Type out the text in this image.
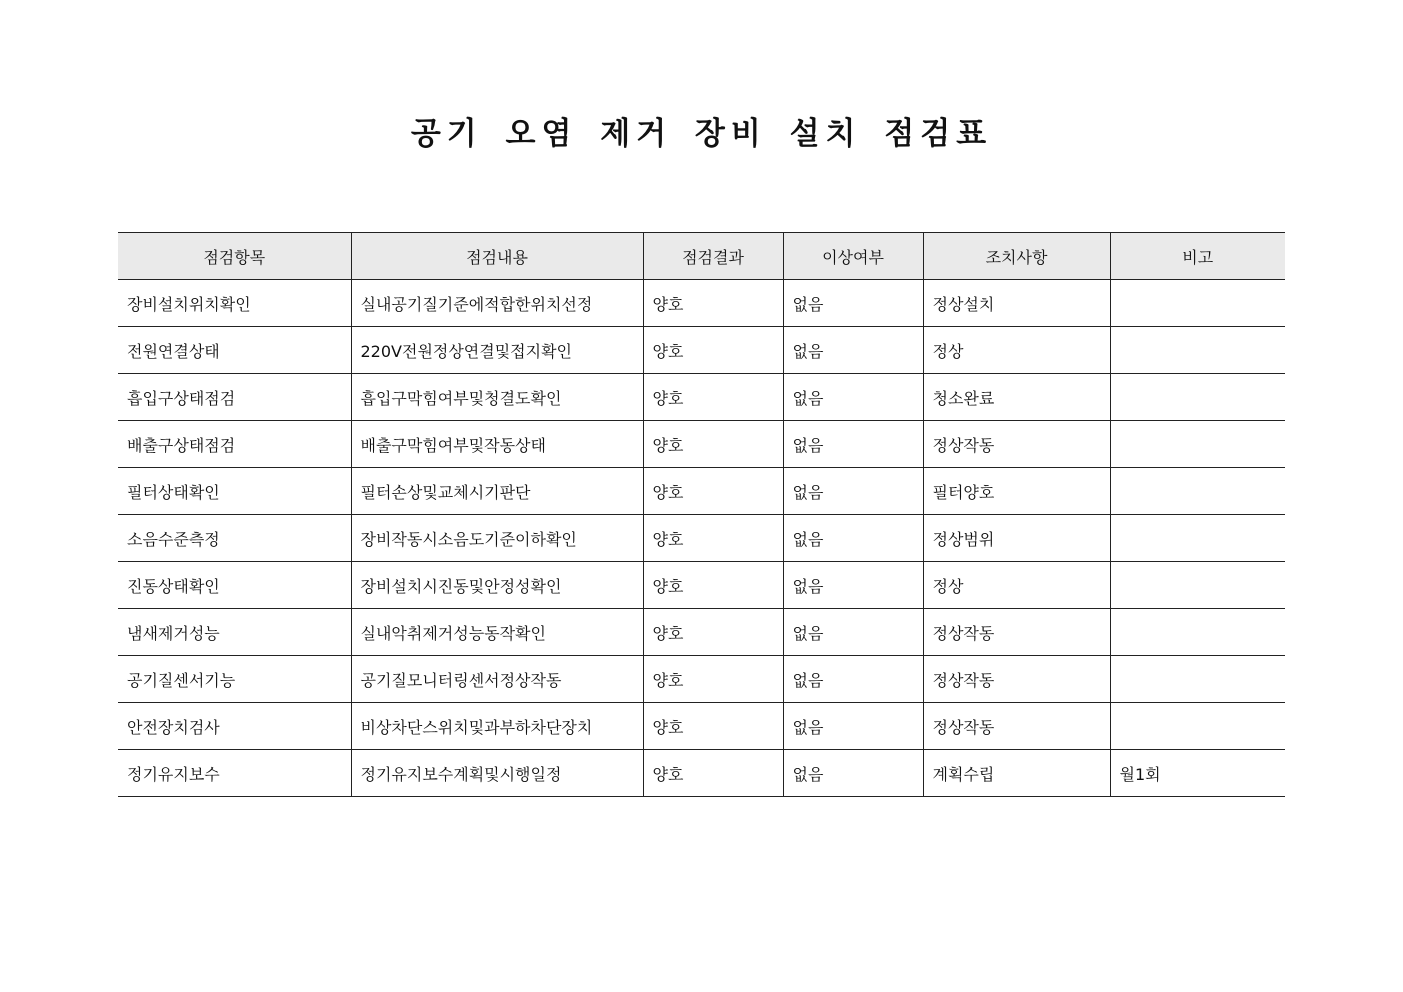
공기 오염 제거 장비 설치 점검표
점검항목	점검내용	점검결과	이상여부	조치사항	비고
장비설치위치확인	실내공기질기준에적합한위치선정	양호	없음	정상설치	
전원연결상태	220V전원정상연결및접지확인	양호	없음	정상	
흡입구상태점검	흡입구막힘여부및청결도확인	양호	없음	청소완료	
배출구상태점검	배출구막힘여부및작동상태	양호	없음	정상작동	
필터상태확인	필터손상및교체시기판단	양호	없음	필터양호	
소음수준측정	장비작동시소음도기준이하확인	양호	없음	정상범위	
진동상태확인	장비설치시진동및안정성확인	양호	없음	정상	
냄새제거성능	실내악취제거성능동작확인	양호	없음	정상작동	
공기질센서기능	공기질모니터링센서정상작동	양호	없음	정상작동	
안전장치검사	비상차단스위치및과부하차단장치	양호	없음	정상작동	
정기유지보수	정기유지보수계획및시행일정	양호	없음	계획수립	월1회
